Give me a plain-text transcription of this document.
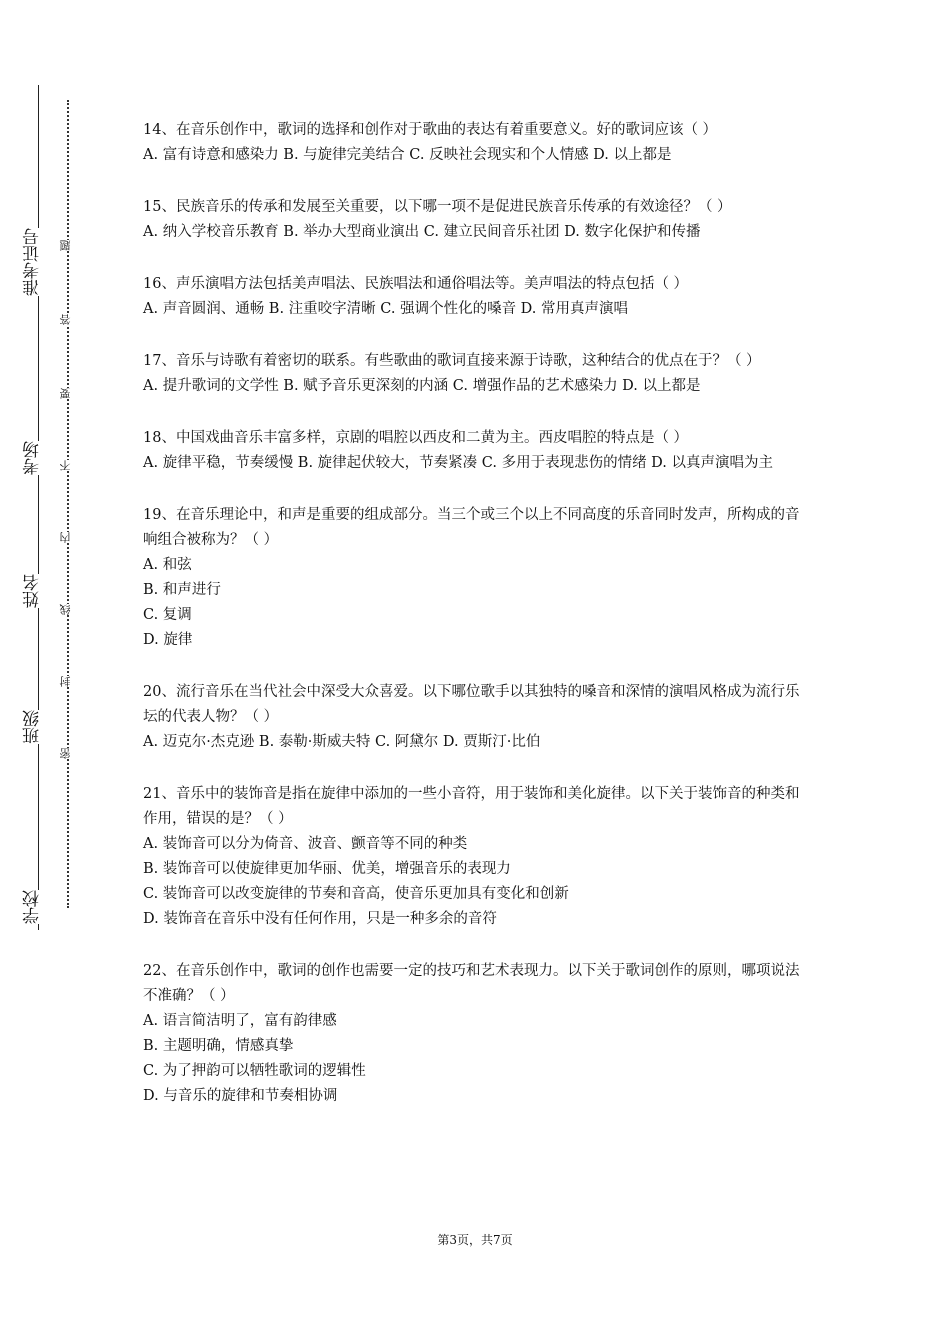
准考证号
考场
姓名
班级
学校
题
答
要
不
内
线
封
密

14、在音乐创作中，歌词的选择和创作对于歌曲的表达有着重要意义。好的歌词应该（ ）

A. 富有诗意和感染力 B. 与旋律完美结合 C. 反映社会现实和个人情感 D. 以上都是

15、民族音乐的传承和发展至关重要，以下哪一项不是促进民族音乐传承的有效途径？（ ）

A. 纳入学校音乐教育 B. 举办大型商业演出 C. 建立民间音乐社团 D. 数字化保护和传播

16、声乐演唱方法包括美声唱法、民族唱法和通俗唱法等。美声唱法的特点包括（ ）

A. 声音圆润、通畅 B. 注重咬字清晰 C. 强调个性化的嗓音 D. 常用真声演唱

17、音乐与诗歌有着密切的联系。有些歌曲的歌词直接来源于诗歌，这种结合的优点在于？（ ）

A. 提升歌词的文学性 B. 赋予音乐更深刻的内涵 C. 增强作品的艺术感染力 D. 以上都是

18、中国戏曲音乐丰富多样，京剧的唱腔以西皮和二黄为主。西皮唱腔的特点是（ ）

A. 旋律平稳，节奏缓慢 B. 旋律起伏较大，节奏紧凑 C. 多用于表现悲伤的情绪 D. 以真声演唱为主

19、在音乐理论中，和声是重要的组成部分。当三个或三个以上不同高度的乐音同时发声，所构成的音响组合被称为？（ ）

A. 和弦

B. 和声进行

C. 复调

D. 旋律

20、流行音乐在当代社会中深受大众喜爱。以下哪位歌手以其独特的嗓音和深情的演唱风格成为流行乐坛的代表人物？（ ）

A. 迈克尔·杰克逊 B. 泰勒·斯威夫特 C. 阿黛尔 D. 贾斯汀·比伯

21、音乐中的装饰音是指在旋律中添加的一些小音符，用于装饰和美化旋律。以下关于装饰音的种类和作用，错误的是？（ ）

A. 装饰音可以分为倚音、波音、颤音等不同的种类

B. 装饰音可以使旋律更加华丽、优美，增强音乐的表现力

C. 装饰音可以改变旋律的节奏和音高，使音乐更加具有变化和创新

D. 装饰音在音乐中没有任何作用，只是一种多余的音符

22、在音乐创作中，歌词的创作也需要一定的技巧和艺术表现力。以下关于歌词创作的原则，哪项说法不准确？（ ）

A. 语言简洁明了，富有韵律感

B. 主题明确，情感真挚

C. 为了押韵可以牺牲歌词的逻辑性

D. 与音乐的旋律和节奏相协调

第3页，共7页
